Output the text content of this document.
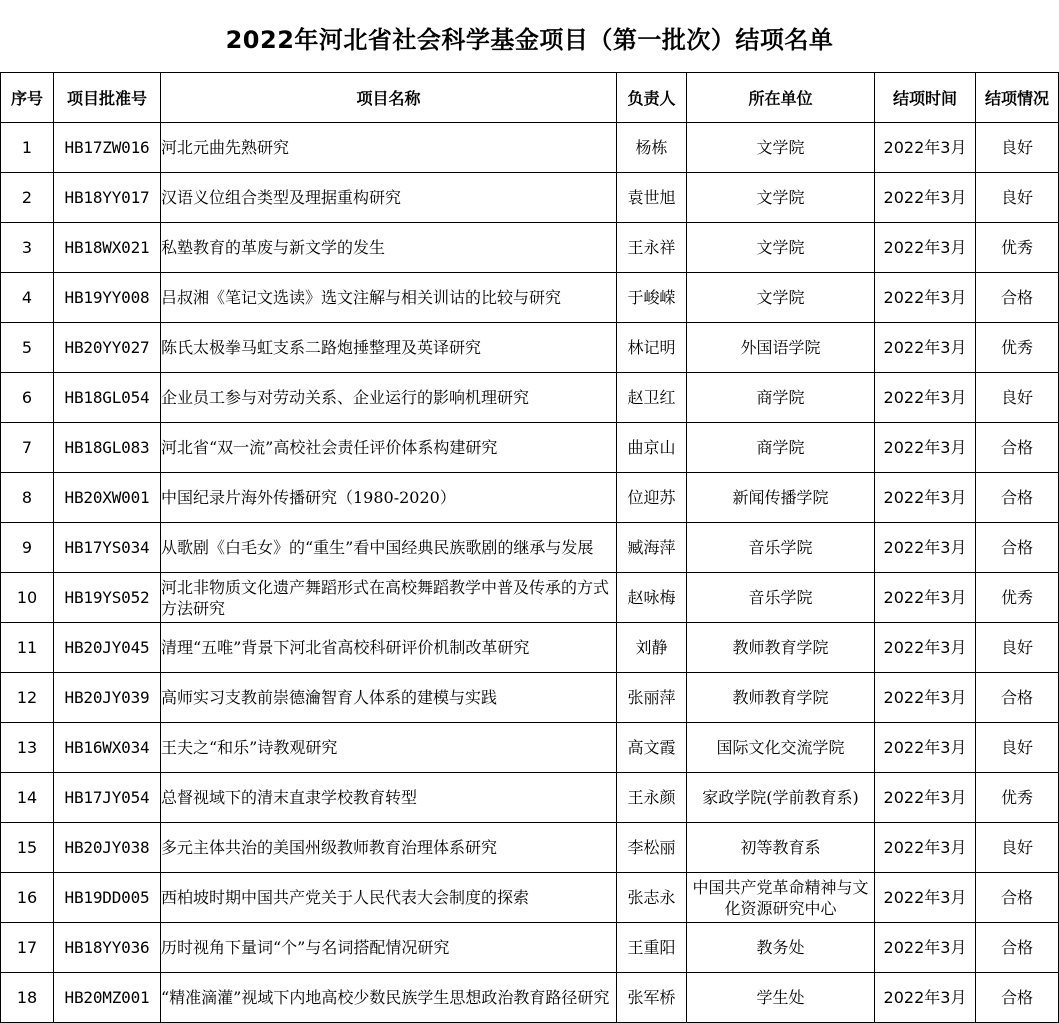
2022年河北省社会科学基金项目（第一批次）结项名单
序号	项目批准号	项目名称	负责人	所在单位	结项时间	结项情况
1	HB17ZW016	河北元曲先熟研究	杨栋	文学院	2022年3月	良好
2	HB18YY017	汉语义位组合类型及理据重构研究	袁世旭	文学院	2022年3月	良好
3	HB18WX021	私塾教育的革废与新文学的发生	王永祥	文学院	2022年3月	优秀
4	HB19YY008	吕叔湘《笔记文选读》选文注解与相关训诂的比较与研究	于峻嵘	文学院	2022年3月	合格
5	HB20YY027	陈氏太极拳马虹支系二路炮捶整理及英译研究	林记明	外国语学院	2022年3月	优秀
6	HB18GL054	企业员工参与对劳动关系、企业运行的影响机理研究	赵卫红	商学院	2022年3月	良好
7	HB18GL083	河北省“双一流”高校社会责任评价体系构建研究	曲京山	商学院	2022年3月	合格
8	HB20XW001	中国纪录片海外传播研究（1980-2020）	位迎苏	新闻传播学院	2022年3月	合格
9	HB17YS034	从歌剧《白毛女》的“重生”看中国经典民族歌剧的继承与发展	臧海萍	音乐学院	2022年3月	合格
10	HB19YS052	河北非物质文化遗产舞蹈形式在高校舞蹈教学中普及传承的方式方法研究	赵咏梅	音乐学院	2022年3月	优秀
11	HB20JY045	清理“五唯”背景下河北省高校科研评价机制改革研究	刘静	教师教育学院	2022年3月	良好
12	HB20JY039	高师实习支教前崇德瀹智育人体系的建模与实践	张丽萍	教师教育学院	2022年3月	合格
13	HB16WX034	王夫之“和乐”诗教观研究	高文霞	国际文化交流学院	2022年3月	良好
14	HB17JY054	总督视域下的清末直隶学校教育转型	王永颜	家政学院(学前教育系)	2022年3月	优秀
15	HB20JY038	多元主体共治的美国州级教师教育治理体系研究	李松丽	初等教育系	2022年3月	良好
16	HB19DD005	西柏坡时期中国共产党关于人民代表大会制度的探索	张志永	中国共产党革命精神与文化资源研究中心	2022年3月	合格
17	HB18YY036	历时视角下量词“个”与名词搭配情况研究	王重阳	教务处	2022年3月	合格
18	HB20MZ001	“精准滴灌”视域下内地高校少数民族学生思想政治教育路径研究	张军桥	学生处	2022年3月	合格
